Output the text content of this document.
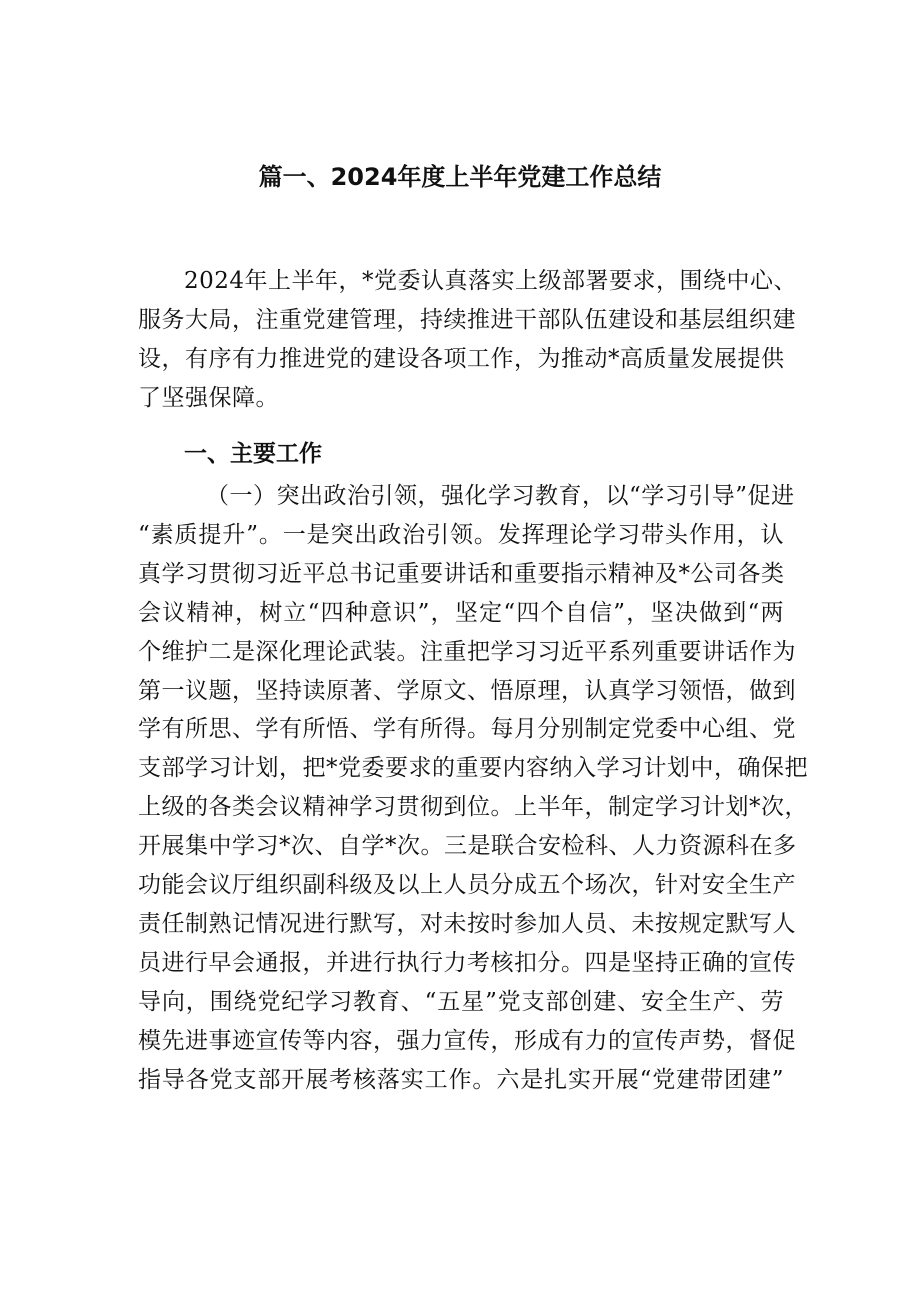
篇一、2024年度上半年党建工作总结
2024年上半年，*党委认真落实上级部署要求，围绕中心、
服务大局，注重党建管理，持续推进干部队伍建设和基层组织建
设，有序有力推进党的建设各项工作，为推动*高质量发展提供
了坚强保障。
一、主要工作
（一）突出政治引领，强化学习教育，以“学习引导”促进
“素质提升”。一是突出政治引领。发挥理论学习带头作用，认
真学习贯彻习近平总书记重要讲话和重要指示精神及*公司各类
会议精神，树立“四种意识”，坚定“四个自信”，坚决做到“两
个维护二是深化理论武装。注重把学习习近平系列重要讲话作为
第一议题，坚持读原著、学原文、悟原理，认真学习领悟，做到
学有所思、学有所悟、学有所得。每月分别制定党委中心组、党
支部学习计划，把*党委要求的重要内容纳入学习计划中，确保把
上级的各类会议精神学习贯彻到位。上半年，制定学习计划*次，
开展集中学习*次、自学*次。三是联合安检科、人力资源科在多
功能会议厅组织副科级及以上人员分成五个场次，针对安全生产
责任制熟记情况进行默写，对未按时参加人员、未按规定默写人
员进行早会通报，并进行执行力考核扣分。四是坚持正确的宣传
导向，围绕党纪学习教育、“五星”党支部创建、安全生产、劳
模先进事迹宣传等内容，强力宣传，形成有力的宣传声势，督促
指导各党支部开展考核落实工作。六是扎实开展“党建带团建”
